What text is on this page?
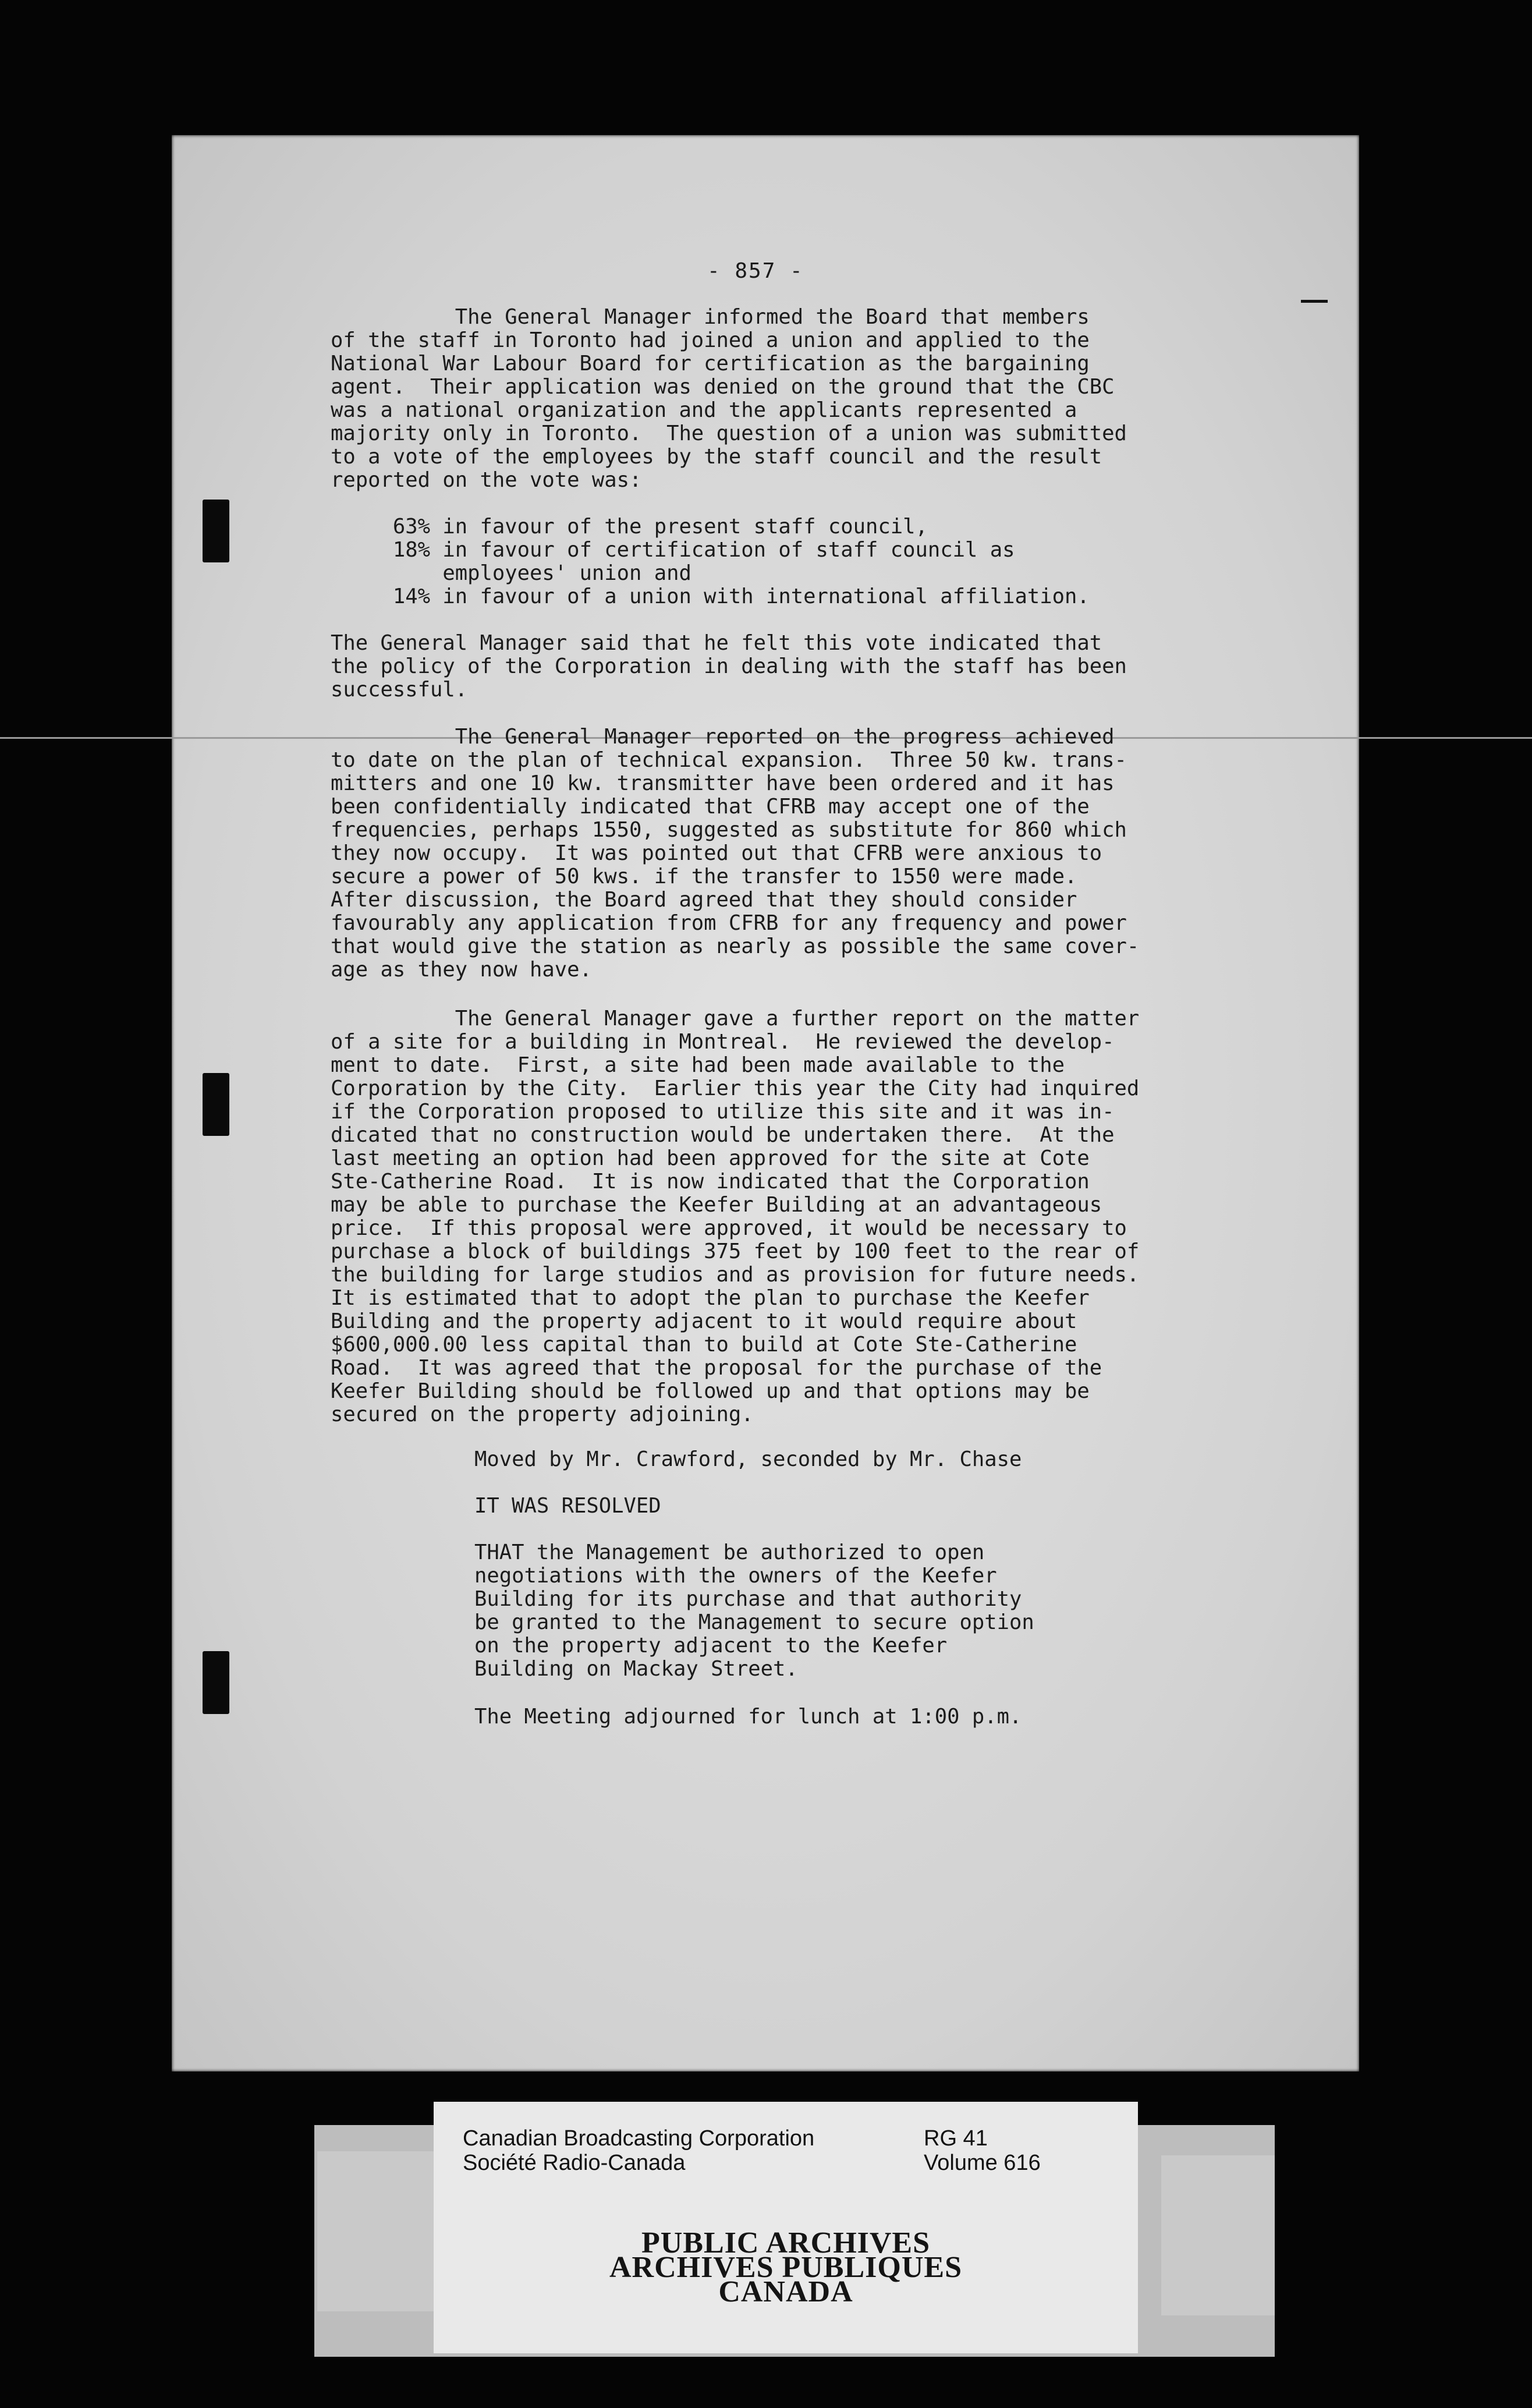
- 857 -
The General Manager informed the Board that members
of the staff in Toronto had joined a union and applied to the
National War Labour Board for certification as the bargaining
agent.  Their application was denied on the ground that the CBC
was a national organization and the applicants represented a
majority only in Toronto.  The question of a union was submitted
to a vote of the employees by the staff council and the result
reported on the vote was:
63% in favour of the present staff council,
18% in favour of certification of staff council as
employees' union and
14% in favour of a union with international affiliation.
The General Manager said that he felt this vote indicated that
the policy of the Corporation in dealing with the staff has been
successful.
The General Manager reported on the progress achieved
to date on the plan of technical expansion.  Three 50 kw. trans-
mitters and one 10 kw. transmitter have been ordered and it has
been confidentially indicated that CFRB may accept one of the
frequencies, perhaps 1550, suggested as substitute for 860 which
they now occupy.  It was pointed out that CFRB were anxious to
secure a power of 50 kws. if the transfer to 1550 were made.
After discussion, the Board agreed that they should consider
favourably any application from CFRB for any frequency and power
that would give the station as nearly as possible the same cover-
age as they now have.
The General Manager gave a further report on the matter
of a site for a building in Montreal.  He reviewed the develop-
ment to date.  First, a site had been made available to the
Corporation by the City.  Earlier this year the City had inquired
if the Corporation proposed to utilize this site and it was in-
dicated that no construction would be undertaken there.  At the
last meeting an option had been approved for the site at Cote
Ste-Catherine Road.  It is now indicated that the Corporation
may be able to purchase the Keefer Building at an advantageous
price.  If this proposal were approved, it would be necessary to
purchase a block of buildings 375 feet by 100 feet to the rear of
the building for large studios and as provision for future needs.
It is estimated that to adopt the plan to purchase the Keefer
Building and the property adjacent to it would require about
$600,000.00 less capital than to build at Cote Ste-Catherine
Road.  It was agreed that the proposal for the purchase of the
Keefer Building should be followed up and that options may be
secured on the property adjoining.
Moved by Mr. Crawford, seconded by Mr. Chase
IT WAS RESOLVED
THAT the Management be authorized to open
negotiations with the owners of the Keefer
Building for its purchase and that authority
be granted to the Management to secure option
on the property adjacent to the Keefer
Building on Mackay Street.
The Meeting adjourned for lunch at 1:00 p.m.
Canadian Broadcasting Corporation
Société Radio-Canada
RG 41
Volume 616
PUBLIC ARCHIVES
ARCHIVES PUBLIQUES
CANADA
